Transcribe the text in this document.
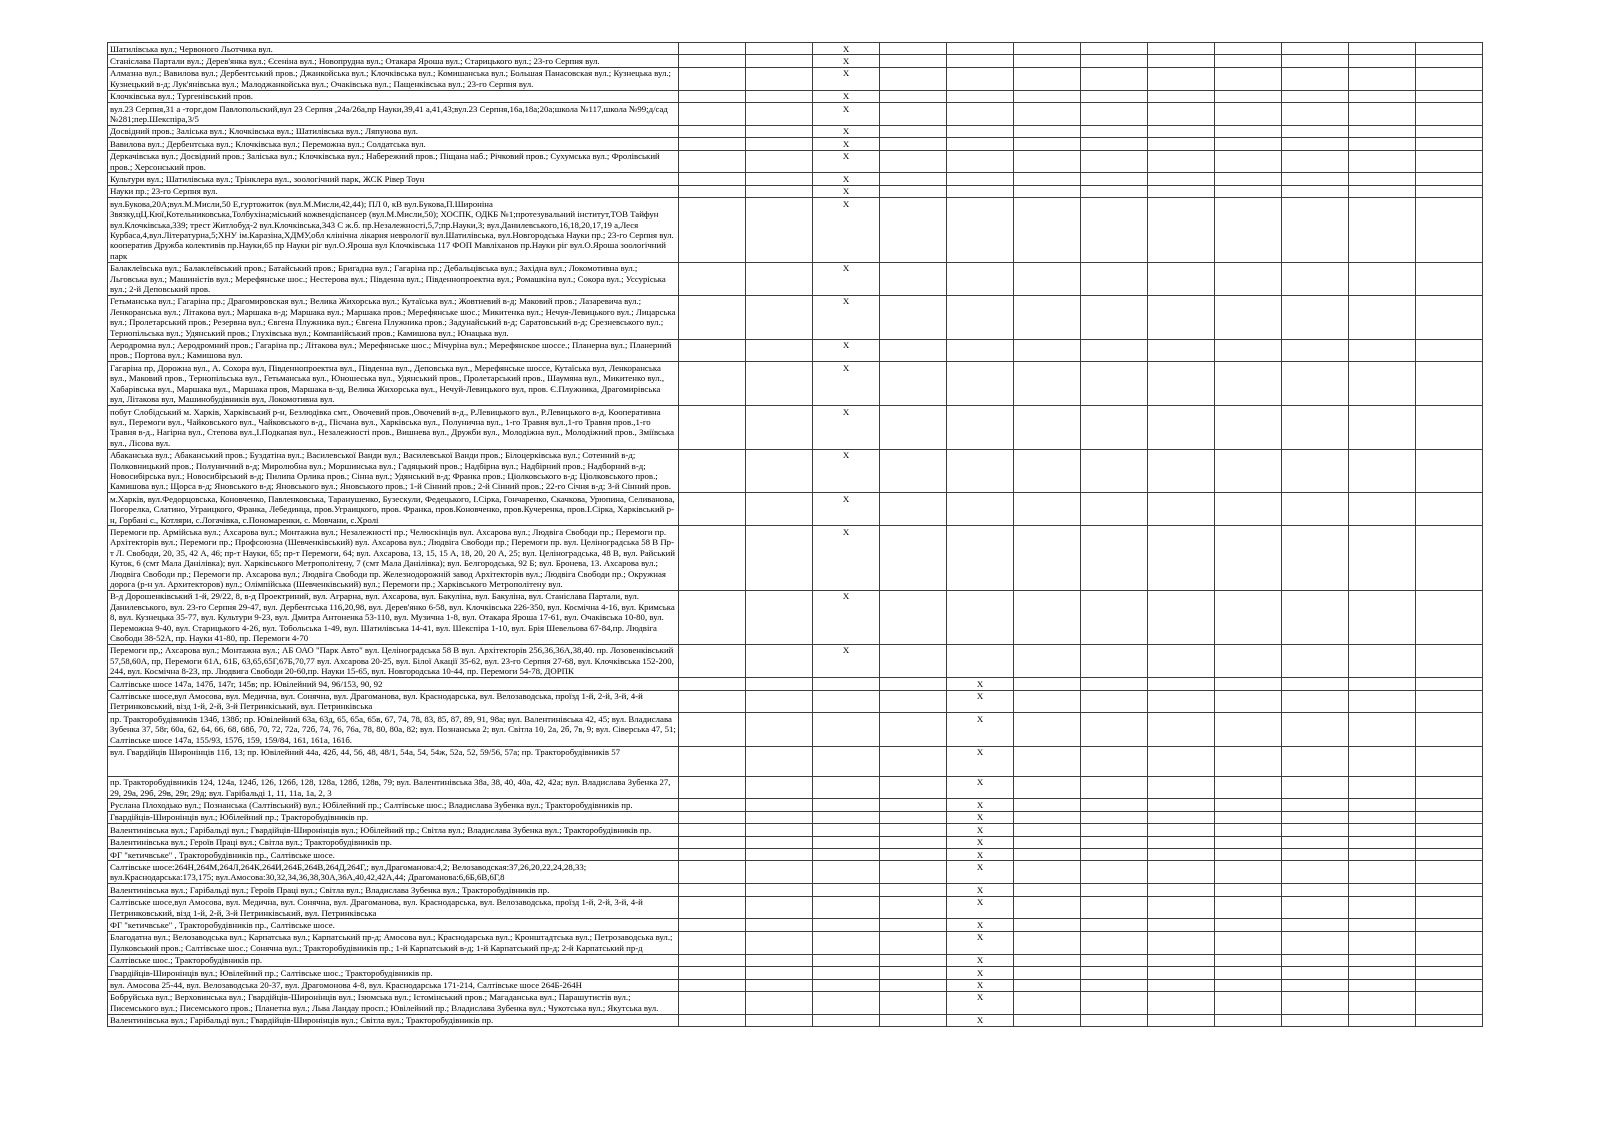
Шатилівська вул.; Червоного Льотчика вул.			X									
Станіслава Партали вул.; Дерев'янка вул.; Єсеніна вул.; Новопрудна вул.; Отакара Яроша вул.; Старицького вул.; 23-го Серпня вул.			X									
Алмазна вул.; Вавилова вул.; Дербентський пров.; Джанкойська вул.; Клочківська вул.; Комишанська вул.; Большая Панасовская вул.; Кузнецька вул.; Кузнецький в-д; Лук'янівська вул.; Малоджанкойська вул.; Очаківська вул.; Пащенківська вул.; 23-го Серпня вул.			X									
Клочківська вул.; Тургенівський пров.			X									
вул.23 Серпня,31 а -торг.дом Павлопольский,вул 23 Серпня ,24а/26а,пр Науки,39,41 а,41,43;вул.23 Серпня,16а,18а;20а;школа №117,школа №99;д/сад №281;пер.Шекспіра,3/5			X									
Досвідний пров.; Заліська вул.; Клочківська вул.; Шатилівська вул.; Ляпунова вул.			X									
Вавилова вул.; Дербентська вул.; Клочківська вул.; Переможна вул.; Солдатська вул.			X									
Деркачівська вул.; Досвідний пров.; Заліська вул.; Клочківська вул.; Набережний пров.; Піщана наб.; Річковий пров.; Сухумська вул.; Фролівський пров.; Херсонський пров.			X									
Культури вул.; Шатилівська вул.; Трінклера вул., зоологічний парк, ЖСК Рівер Тоун			X									
Науки пр.; 23-го Серпня вул.			X									
вул.Букова,20А;вул.М.Мисли,50 Е,гуртожиток (вул.М.Мисли,42,44); ПЛ 0, кВ вул.Букова,П.Широніна Звязку,цЦ.Кюї,Котельниковська,Толбухіна;міський кожвендіспансер (вул.М.Мисли,50); ХОСПК, ОДКБ №1;протезувальний інститут,ТОВ Тайфун вул.Клочківська,339; трест Житлобуд-2 вул.Клочківська,343 С ж.б. пр.Незалежності,5,7;пр.Науки,3; вул.Данилевського,16,18,20,17,19 а,Леся Курбаса,4,вул.Літературна,5;ХНУ ім.Каразіна,ХДМУ,обл клінічна лікарня неврології вул.Шатилівська, вул.Новгородська Науки пр.; 23-го Серпня вул. кооператив Дружба колективів пр.Науки,65 пр Науки ріг вул.О.Яроша вул Клочківська 117 ФОП Мавліханов пр.Науки ріг вул.О.Яроша зоологічний парк			X									
Балаклеївська вул.; Балаклеївський пров.; Батайський пров.; Бригадна вул.; Гагаріна пр.; Дебальцівська вул.; Західна вул.; Локомотивна вул.; Льговська вул.; Машиністів вул.; Мерефянське шос.; Нестерова вул.; Південна вул.; Південнопроектна вул.; Ромашкіна вул.; Сокора вул.; Уссуріська вул.; 2-й Деповський пров.			X									
Гетьманська вул.; Гагаріна пр.; Драгомировская вул.; Велика Жихорська вул.; Кутаїська вул.; Жовтневий в-д; Маковий пров.; Лазаревича вул.; Ленкоранська вул.; Літакова вул.; Маршака в-д; Маршака вул.; Маршака пров.; Мерефянське шос.; Микитенка вул.; Нечуя-Левицького вул.; Лицарська вул.; Пролетарський пров.; Резервна вул.; Євгена Плужника вул.; Євгена Плужника пров.; Задунайський в-д; Саратовський в-д; Срезневського вул.; Тернопільська вул.; Удянський пров.; Глухівська вул.; Компанійський пров.; Камишова вул.; Юнацька вул.			X									
Аеродромна вул.; Аеродромний пров.; Гагаріна пр.; Літакова вул.; Мерефянське шос.; Мічуріна вул.; Мерефянское шоссе.; Планерна вул.; Планерний пров.; Портова вул.; Камишова вул.			X									
Гагаріна пр, Дорожна вул., А. Сохора вул, Південнопроектна вул., Південна вул., Деповська вул., Мерефянське шоссе, Кутаїська вул, Ленкоранська вул., Маковий пров., Тернопільська вул., Гетьманська вул., Юношеська вул., Удянський пров., Пролетарський пров., Шаумяна вул., Микитенко вул., Хабарівська вул., Маршака вул., Маршака пров, Маршака в-зд, Велика Жихорська вул., Нечуй-Левицького вул, пров. Є.Плужника, Драгомирівська вул, Літакова вул, Машинобудівників вул, Локомотивна вул.			X									
побут Слобідський м. Харків, Харківський р-н, Безлюдівка смт., Овочевий пров.,Овочевий в-д., Р.Левицького вул., Р.Левицького в-д, Кооперативна вул., Перемоги вул., Чайковського вул., Чайковського в-д., Пісчана вул., Харківська вул., Полунична вул., 1-го Травня вул.,1-го Травня пров.,1-го Травня в-д., Нагірна вул., Степова вул.,І.Подкапая вул., Незалежності пров., Вишнева вул., Дружби вул., Молодіжна вул., Молодіжний пров., Зміївська вул., Лісова вул.			X									
Абаканська вул.; Абаканський пров.; Буздатіна вул.; Василевської Ванди вул.; Василевської Ванди пров.; Білоцерківська вул.; Сотенний в-д; Полковницький пров.; Полуничний в-д; Миролюбна вул.; Моршинська вул.; Гадяцький пров.; Надбірна вул.; Надбірний пров.; Надборний в-д; Новосибірська вул.; Новосибірський в-д; Пилипа Орлика пров.; Сінна вул.; Удянський в-д; Франка пров.; Ціолковського в-д; Ціолковського пров.; Камишова вул.; Щорса в-д; Яновського в-д; Яновського вул.; Яновського пров.; 1-й Сінний пров.; 2-й Сінний пров.; 22-го Січня в-д; 3-й Сінний пров.			X									
м.Харків, вул.Федорцовська, Коновченко, Павленковська, Таранушенко, Бузескули, Федецького, І.Сірка, Гончаренко, Скачкова, Урюпина, Селиванова, Погорелка, Слатино, Уграицкого, Франка, Лебединца, пров.Уграицкого, пров. Франка, пров.Коновченко, пров.Кучеренка, пров.І.Сірка, Харківський р-н, Горбані с., Котляри, с.Логачівка, с.Пономаренки, с. Мовчани, с.Хролі			X									
Перемоги пр. Армійська вул.; Ахсарова вул.; Монтажна вул.; Незалежності пр.; Челюскінців вул. Ахсарова вул.; Людвіга Свободи пр.; Перемоги пр. Архітекторів вул.; Перемоги пр.; Профсоюзна (Шевченківський) вул. Ахсарова вул.; Людвіга Свободи пр.; Перемоги пр. вул. Целіноградська 58 В Пр-т Л. Свободи, 20, 35, 42 А, 46; пр-т Науки, 65; пр-т Перемоги, 64; вул. Ахсарова, 13, 15, 15 А, 18, 20, 20 А, 25; вул. Целіноградська, 48 В, вул. Райський Куток, 6 (смт Мала Данілівка); вул. Харківського Метрополітену, 7 (смт Мала Данілівка); вул. Белгородська, 92 Б; вул. Бронева, 13. Ахсарова вул.; Людвіга Свободи пр.; Перемоги пр. Ахсарова вул.; Людвіга Свободи пр. Железнодорожній завод Архітекторів вул.; Людвіга Свободи пр.; Окружная дорога (р-н ул. Архитекторов) вул.; Олімпійська (Шевченківський) вул.; Перемоги пр.; Харківського Метрополітену вул.			X									
В-д Дорошенківський 1-й, 29/22, 8, в-д Проектриний, вул. Аграрна, вул. Ахсарова, вул. Бакуліна, вул. Бакуліна, вул. Станіслава Партали, вул. Данилевського, вул. 23-го Серпня 29-47, вул. Дербентська 116,20,98, вул. Дерев'янко 6-58, вул. Клочківська 226-350, вул. Космічна 4-16, вул. Кримська 8, вул. Кузнецька 35-77, вул. Культури 9-23, вул. Дмитра Антоненка 53-110, вул. Музична 1-8, вул. Отакара Яроша 17-61, вул. Очаківська 10-80, вул. Переможна 9-40, вул. Старицького 4-26, вул. Тобольська 1-49, вул. Шатилівська 14-41, вул. Шекспіра 1-10, вул. Брія Шевельова 67-84,пр. Людвіга Свободи 38-52А, пр. Науки 41-80, пр. Перемоги 4-70			X									
Перемоги пр,; Ахсарова вул.; Монтажна вул.; АБ ОАО "Парк Авто" вул. Целіноградська 58 В вул. Архітекторів 256,36,36А,38,40. пр. Лозовенківський 57,58,60А, пр, Перемоги 61А, 61Б, 63,65,65Г,67Б,70,77 вул. Ахсарова 20-25, вул. Білої Акації 35-62, вул. 23-го Серпня 27-68, вул. Клочківська 152-200, 244, вул. Космічна 8-23, пр. Людвига Свободи 20-60,пр. Науки 15-65, вул. Новгородська 10-44, пр. Перемоги 54-78, ДОРПК			X									
Салтівське шосе 147а, 147б, 147г, 145в; пр. Ювілейний 94, 96/153, 90, 92					X							
Салтівське шосе,вул Амосова, вул. Медична, вул. Сонячна, вул. Драгоманова, вул. Краснодарська, вул. Велозаводська, проїзд 1-й, 2-й, 3-й, 4-й Петринковський, візд 1-й, 2-й, 3-й Петринкіський, вул. Петринківська					X							
пр. Тракторобудівників 134б, 138б; пр. Ювілейний 63а, 63д, 65, 65а, 65в, 67, 74, 78, 83, 85, 87, 89, 91, 98а; вул. Валентинівська 42, 45; вул. Владислава Зубенка 37, 58г, 60а, 62, 64, 66, 68, 68б, 70, 72, 72а, 72б, 74, 76, 76а, 78, 80, 80а, 82; вул. Познанська 2; вул. Світла 10, 2а, 2б, 7в, 9; вул. Сіверська 47, 51; Салтівське шосе 147а, 155/93, 157б, 159, 159/84, 161, 161а, 161б.					X							
вул. Гвардійців Широнінців 11б, 13; пр. Ювілейний 44а, 42б, 44, 56, 48, 48/1, 54а, 54, 54ж, 52а, 52, 59/56, 57а; пр. Тракторобудівників 57					X							
пр. Тракторобудівників 124, 124а, 124б, 126, 126б, 128, 128а, 128б, 128в, 79; вул. Валентинівська 38а, 38, 40, 40а, 42, 42а; вул. Владислава Зубенка 27, 29, 29а, 29б, 29в, 29г, 29д; вул. Гарібальді 1, 11, 11а, 1а, 2, 3					X							
Руслана Плоходько вул.; Познанська (Салтівський) вул.; Юбілейний пр.; Салтівське шос.; Владислава Зубенка вул.; Тракторобудівників пр.					X							
Гвардійців-Широнінців вул.; Юбілейний пр.; Тракторобудівників пр.					X							
Валентинівська вул.; Гарібальді вул.; Гвардійців-Широнінців вул.; Юбілейний пр.; Світла вул.; Владислава Зубенка вул.; Тракторобудівників пр.					X							
Валентинівська вул.; Героїв Праці вул.; Світла вул.; Тракторобудівників пр.					X							
ФГ "кетичвське" , Тракторобудівників пр., Салтівське шосе.					X							
Салтівське шосе:264Н,264М,264Л,264К,264И,264Б,264В,264Д,264Г,; вул.Драгоманова:4,2; Велозаводская:37,26,20,22,24,28,33; вул.Краснодарська:173,175; вул.Амосова:30,32,34,36,38,30А,36А,40,42,42А,44; Драгоманова:6,6Б,6В,6Г,8					X							
Валентинівська вул.; Гарібальді вул.; Героїв Праці вул.; Світла вул.; Владислава Зубенка вул.; Тракторобудівників пр.					X							
Салтівське шосе,вул Амосова, вул. Медична, вул. Сонячна, вул. Драгоманова, вул. Краснодарська, вул. Велозаводська, проїзд 1-й, 2-й, 3-й, 4-й Петринковський, візд 1-й, 2-й, 3-й Петринківський, вул. Петринківська					X							
ФГ "кетичвське" , Тракторобудівників пр., Салтівське шосе.					X							
Благодатна вул.; Велозаводська вул.; Карпатська вул.; Карпатський пр-д; Амосова вул.; Краснодарська вул.; Кронштадтська вул.; Петрозаводська вул.; Пулковський пров.; Салтівське шос.; Сонячна вул.; Тракторобудівників пр.; 1-й Карпатський в-д; 1-й Карпатський пр-д; 2-й Карпатський пр-д					X							
Салтівське шос.; Тракторобудівників пр.					X							
Гвардійців-Широнінців вул.; Ювілейний пр.; Салтівське шос.; Тракторобудівників пр.					X							
вул. Амосова 25-44, вул. Велозаводська 20-37, вул. Драгомонова 4-8, вул. Краснодарська 171-214, Салтівське шосе 264Б-264Н					X							
Бобруйська вул.; Верховинська вул.; Гвардійців-Широнінців вул.; Ізюмська вул.; Істомінський пров.; Магаданська вул.; Парашутистів вул.; Писемського вул.; Писемського пров.; Планетна вул.; Льва Ландау просп.; Ювілейний пр.; Владислава Зубенка вул.; Чукотська вул.; Якутська вул.					X							
Валентинівська вул.; Гарібальді вул.; Гвардійців-Широнінців вул.; Світла вул.; Тракторобудівників пр.					X							
